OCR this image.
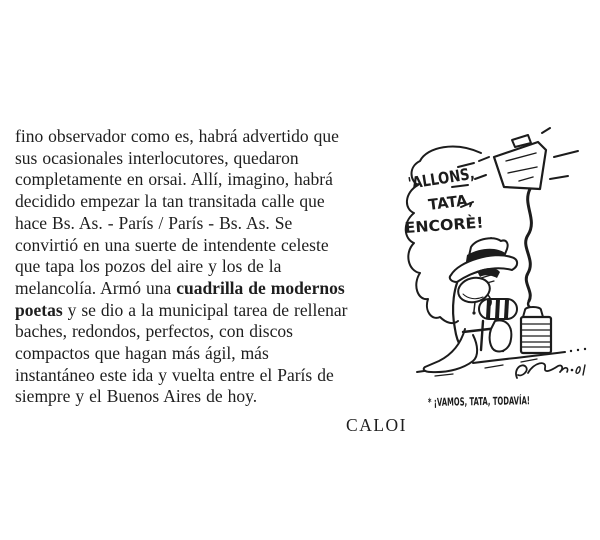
fino observador como es, habrá advertido que
sus ocasionales interlocutores, quedaron
completamente en orsai. Allí, imagino, habrá
decidido empezar la tan transitada calle que
hace Bs. As. - París / París - Bs. As. Se
convirtió en una suerte de intendente celeste
que tapa los pozos del aire y los de la
melancolía. Armó una cuadrilla de modernos
poetas y se dio a la municipal tarea de rellenar
baches, redondos, perfectos, con discos
compactos que hagan más ágil, más
instantáneo este ida y vuelta entre el París de
siempre y el Buenos Aires de hoy.
'ALLONS,
TATA,
ENCORÈ!
* ¡VAMOS, TATA, TODAVÍA!
CALOI
